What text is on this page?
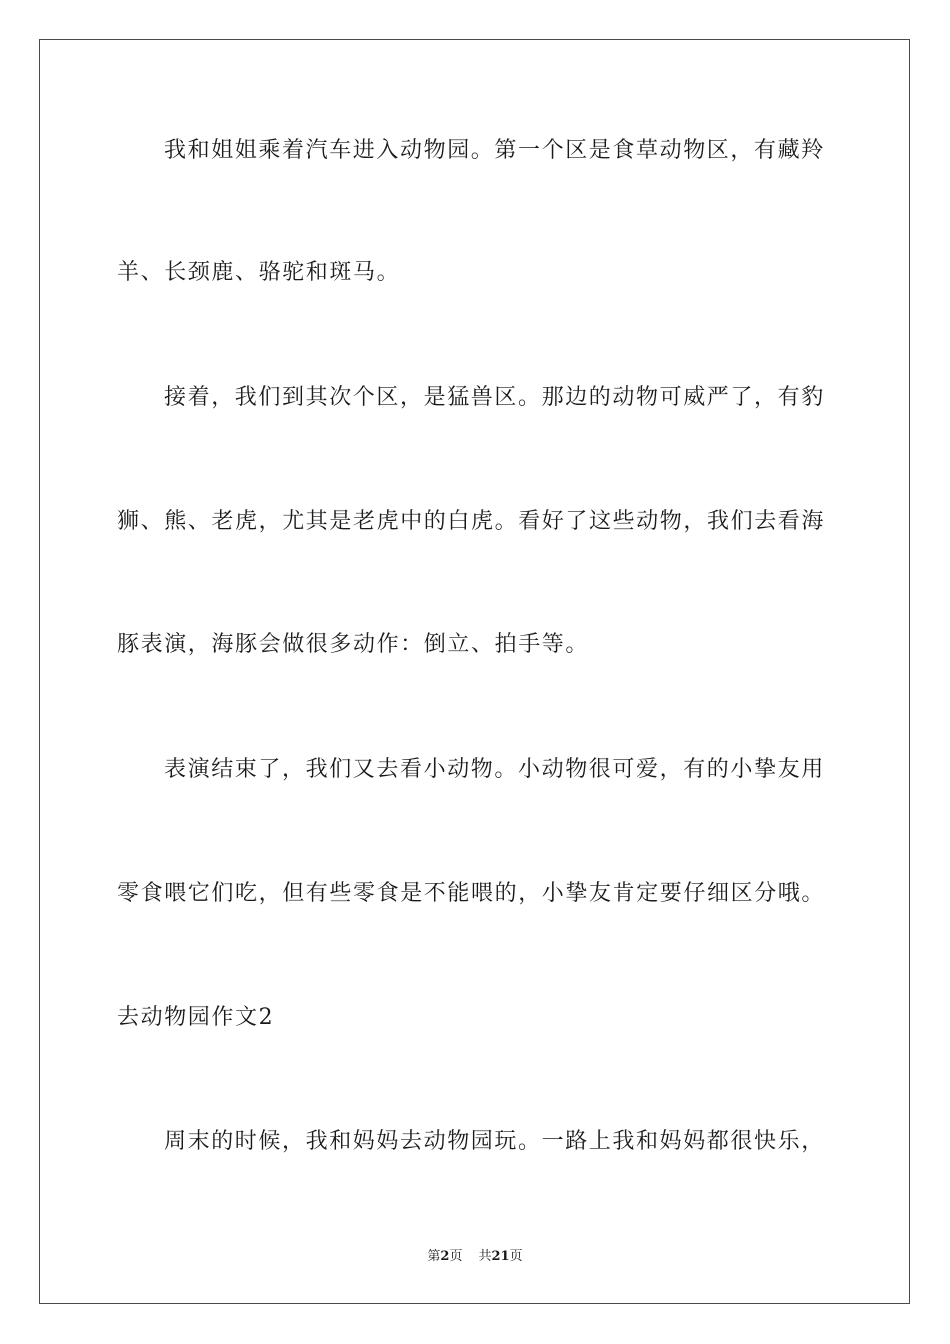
我和姐姐乘着汽车进入动物园。第一个区是食草动物区，有藏羚
羊、长颈鹿、骆驼和斑马。
接着，我们到其次个区，是猛兽区。那边的动物可威严了，有豹
狮、熊、老虎，尤其是老虎中的白虎。看好了这些动物，我们去看海
豚表演，海豚会做很多动作：倒立、拍手等。
表演结束了，我们又去看小动物。小动物很可爱，有的小挚友用
零食喂它们吃，但有些零食是不能喂的，小挚友肯定要仔细区分哦。
去动物园作文2
周末的时候，我和妈妈去动物园玩。一路上我和妈妈都很快乐，
第2页 共21页
